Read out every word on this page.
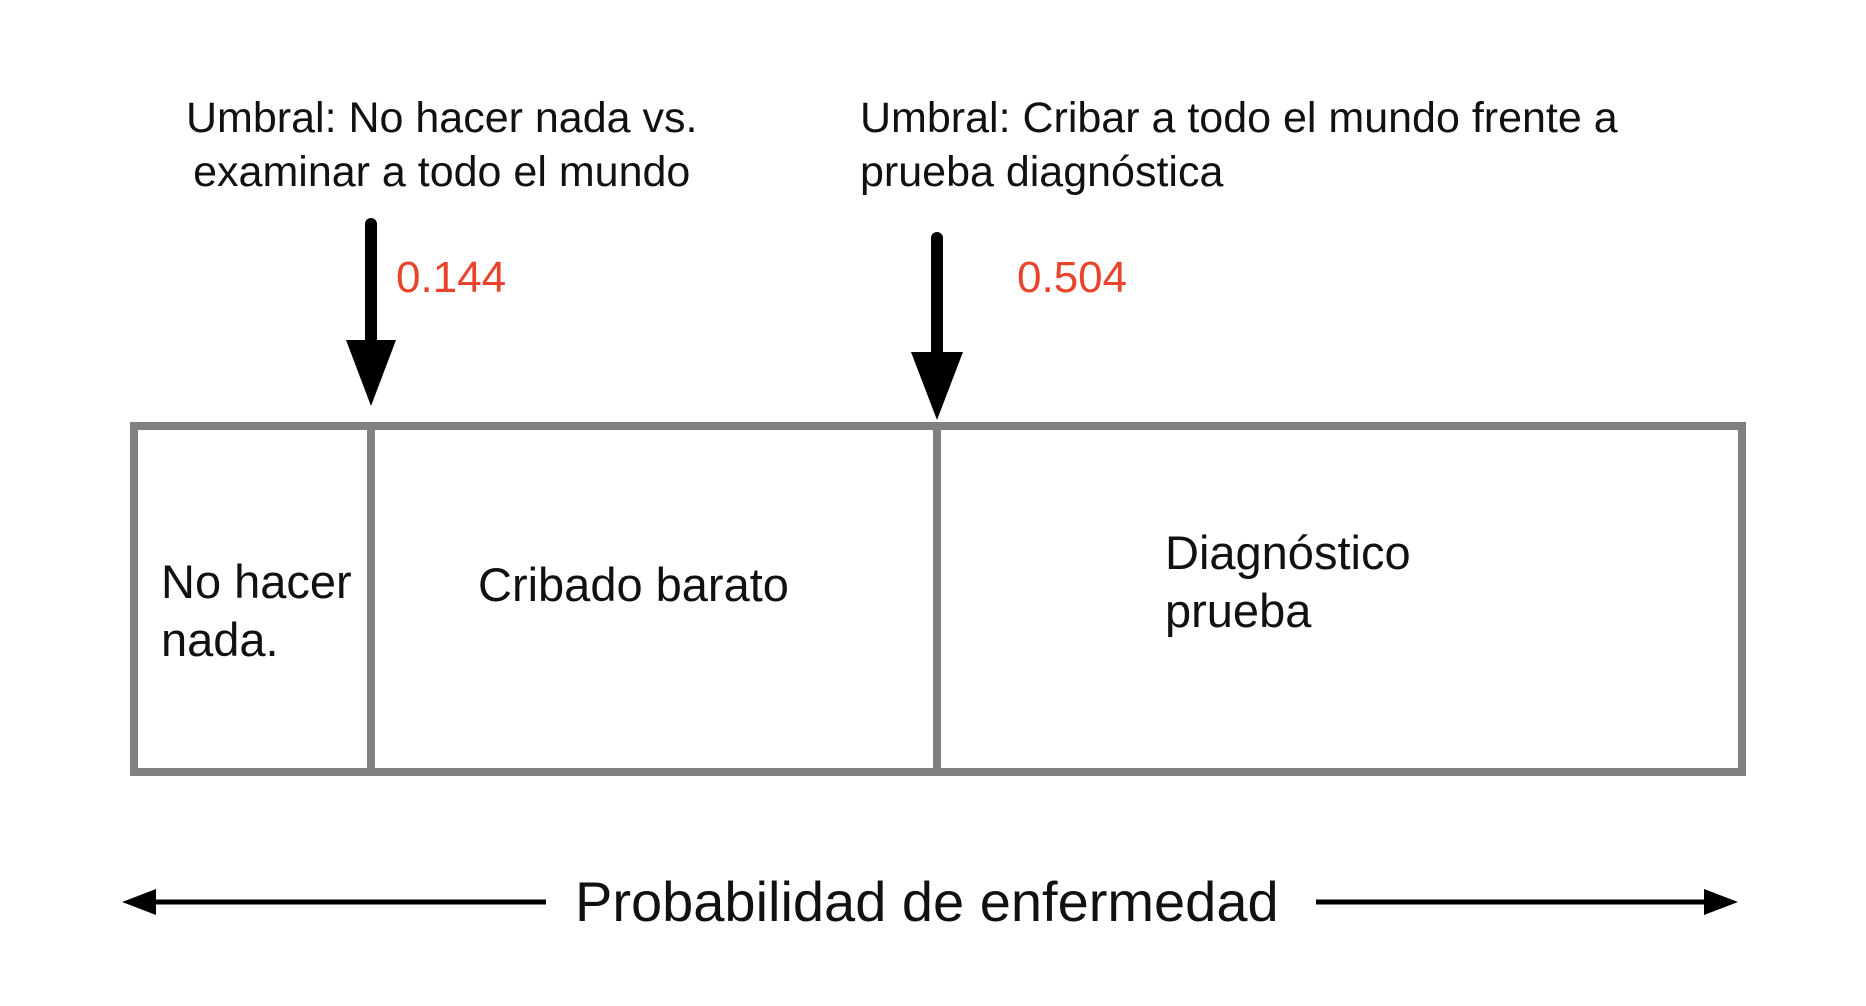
Umbral: No hacer nada vs.
examinar a todo el mundo
Umbral: Cribar a todo el mundo frente a
prueba diagnóstica
0.144	0.504
No hacer
nada.
Cribado barato
Diagnóstico
prueba
Probabilidad de enfermedad
